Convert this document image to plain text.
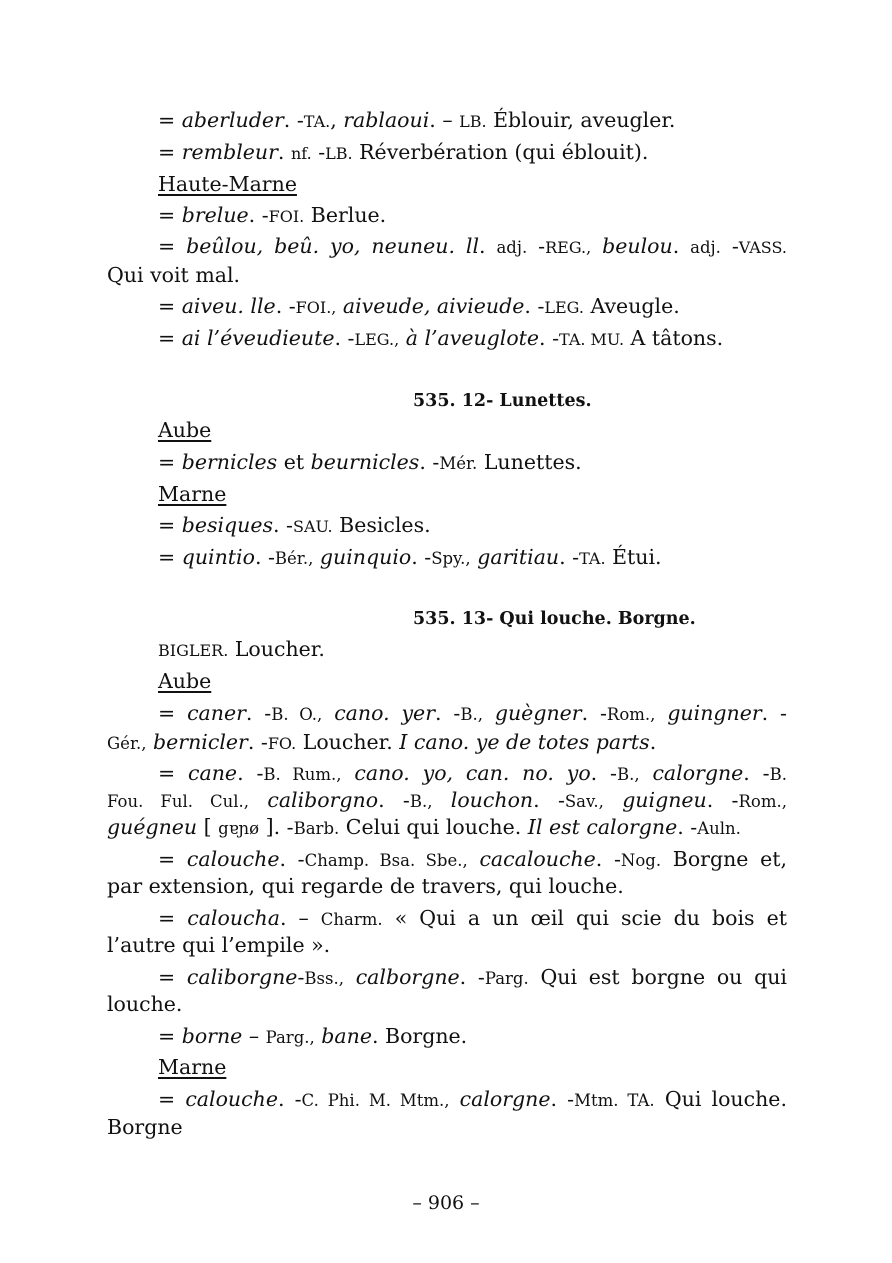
= aberluder. -TA., rablaoui. – LB. Éblouir, aveugler.
= rembleur. nf. -LB. Réverbération (qui éblouit).
Haute-Marne
= brelue. -FOI. Berlue.
= beûlou, beû. yo, neuneu. ll. adj. -REG., beulou. adj. -VASS.
Qui voit mal.
= aiveu. lle. -FOI., aiveude, aivieude. -LEG. Aveugle.
= ai l’éveudieute. -LEG., à l’aveuglote. -TA. MU. A tâtons.
535. 12- Lunettes.
Aube
= bernicles et beurnicles. -Mér. Lunettes.
Marne
= besiques. -SAU. Besicles.
= quintio. -Bér., guinquio. -Spy., garitiau. -TA. Étui.
535. 13- Qui louche. Borgne.
BIGLER. Loucher.
Aube
= caner. -B. O., cano. yer. -B., guègner. -Rom., guingner. -
Gér., bernicler. -FO. Loucher. I cano. ye de totes parts.
= cane. -B. Rum., cano. yo, can. no. yo. -B., calorgne. -B.
Fou. Ful. Cul., caliborgno. -B., louchon. -Sav., guigneu. -Rom.,
guégneu [ gɐɲø ]. -Barb. Celui qui louche. Il est calorgne. -Auln.
= calouche. -Champ. Bsa. Sbe., cacalouche. -Nog. Borgne et,
par extension, qui regarde de travers, qui louche.
= caloucha. – Charm. « Qui a un œil qui scie du bois et
l’autre qui l’empile ».
= caliborgne-Bss., calborgne. -Parg. Qui est borgne ou qui
louche.
= borne – Parg., bane. Borgne.
Marne
= calouche. -C. Phi. M. Mtm., calorgne. -Mtm. TA. Qui louche.
Borgne
– 906 –
